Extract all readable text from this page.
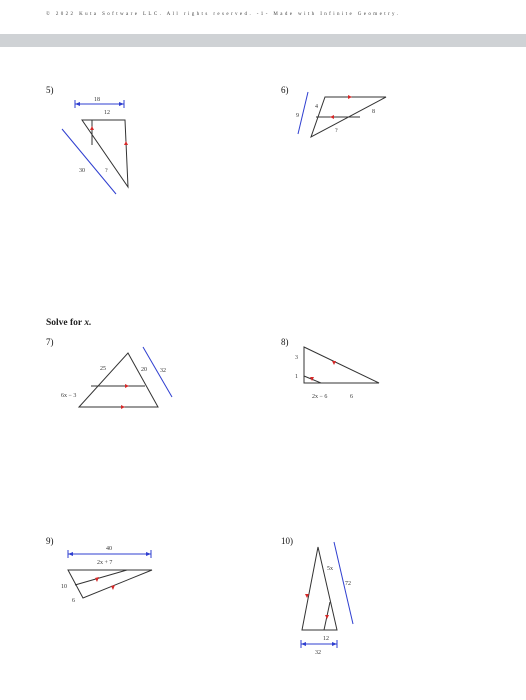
© 2022 Kuta Software LLC. All rights reserved. -1- Made with Infinite Geometry.
5)
18
12
30	?
6)
4
9
8
?
Solve for x.
7)
25	20 32
6x − 3
8)
3
1
2x − 6	6
9)
40
2x + 7
10
6
10)
5x
72
12
32
